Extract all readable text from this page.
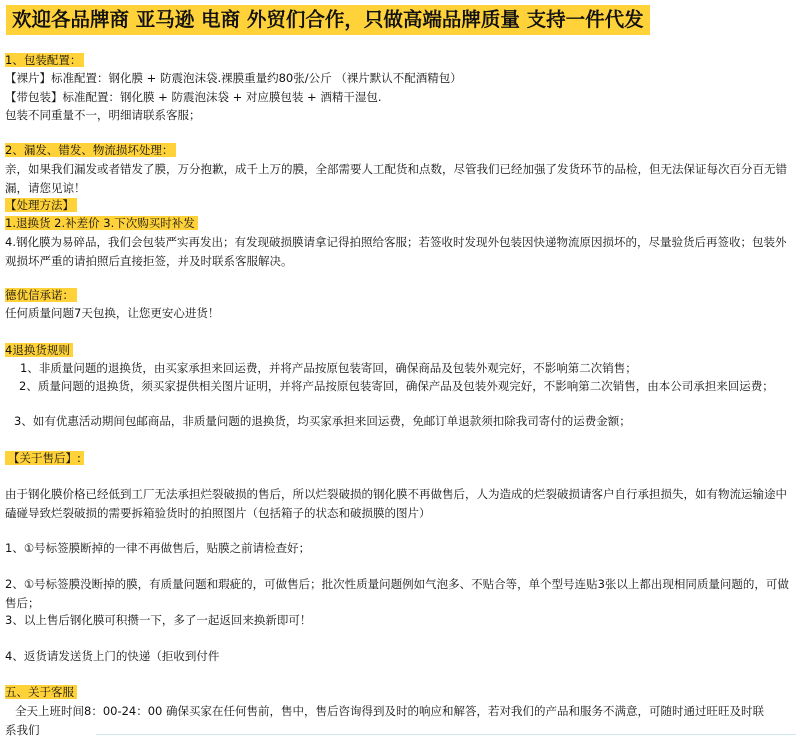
欢迎各品牌商 亚马逊 电商 外贸们合作，只做高端品牌质量 支持一件代发
1、包装配置：
【裸片】标准配置：钢化膜 + 防震泡沫袋.裸膜重量约80张/公斤 （裸片默认不配酒精包）
【带包装】标准配置：钢化膜 + 防震泡沫袋 + 对应膜包装 + 酒精干湿包.
包装不同重量不一，明细请联系客服；
2、漏发、错发、物流损坏处理：
亲，如果我们漏发或者错发了膜，万分抱歉，成千上万的膜，全部需要人工配货和点数，尽管我们已经加强了发货环节的品检，但无法保证每次百分百无错漏，请您见谅！
【处理方法】
1.退换货 2.补差价 3.下次购买时补发
4.钢化膜为易碎品，我们会包装严实再发出；有发现破损膜请拿记得拍照给客服；若签收时发现外包装因快递物流原因损坏的，尽量验货后再签收；包装外观损坏严重的请拍照后直接拒签，并及时联系客服解决。
德优信承诺：
任何质量问题7天包换，让您更安心进货！
4退换货规则
1、非质量问题的退换货，由买家承担来回运费，并将产品按原包装寄回，确保商品及包装外观完好，不影响第二次销售；
2、质量问题的退换货，须买家提供相关图片证明，并将产品按原包装寄回，确保产品及包装外观完好，不影响第二次销售，由本公司承担来回运费；
3、如有优惠活动期间包邮商品，非质量问题的退换货，均买家承担来回运费，免邮订单退款须扣除我司寄付的运费金额；
【关于售后】:
由于钢化膜价格已经低到工厂无法承担烂裂破损的售后，所以烂裂破损的钢化膜不再做售后，人为造成的烂裂破损请客户自行承担损失，如有物流运输途中磕碰导致烂裂破损的需要拆箱验货时的拍照图片（包括箱子的状态和破损膜的图片）
1、①号标签膜断掉的一律不再做售后，贴膜之前请检查好；
2、①号标签膜没断掉的膜，有质量问题和瑕疵的，可做售后；批次性质量问题例如气泡多、不贴合等，单个型号连贴3张以上都出现相同质量问题的，可做售后；
3、以上售后钢化膜可积攒一下，多了一起返回来换新即可！
4、返货请发送货上门的快递（拒收到付件
五、关于客服
全天上班时间8：00-24：00 确保买家在任何售前，售中，售后咨询得到及时的响应和解答，若对我们的产品和服务不满意，可随时通过旺旺及时联系我们
